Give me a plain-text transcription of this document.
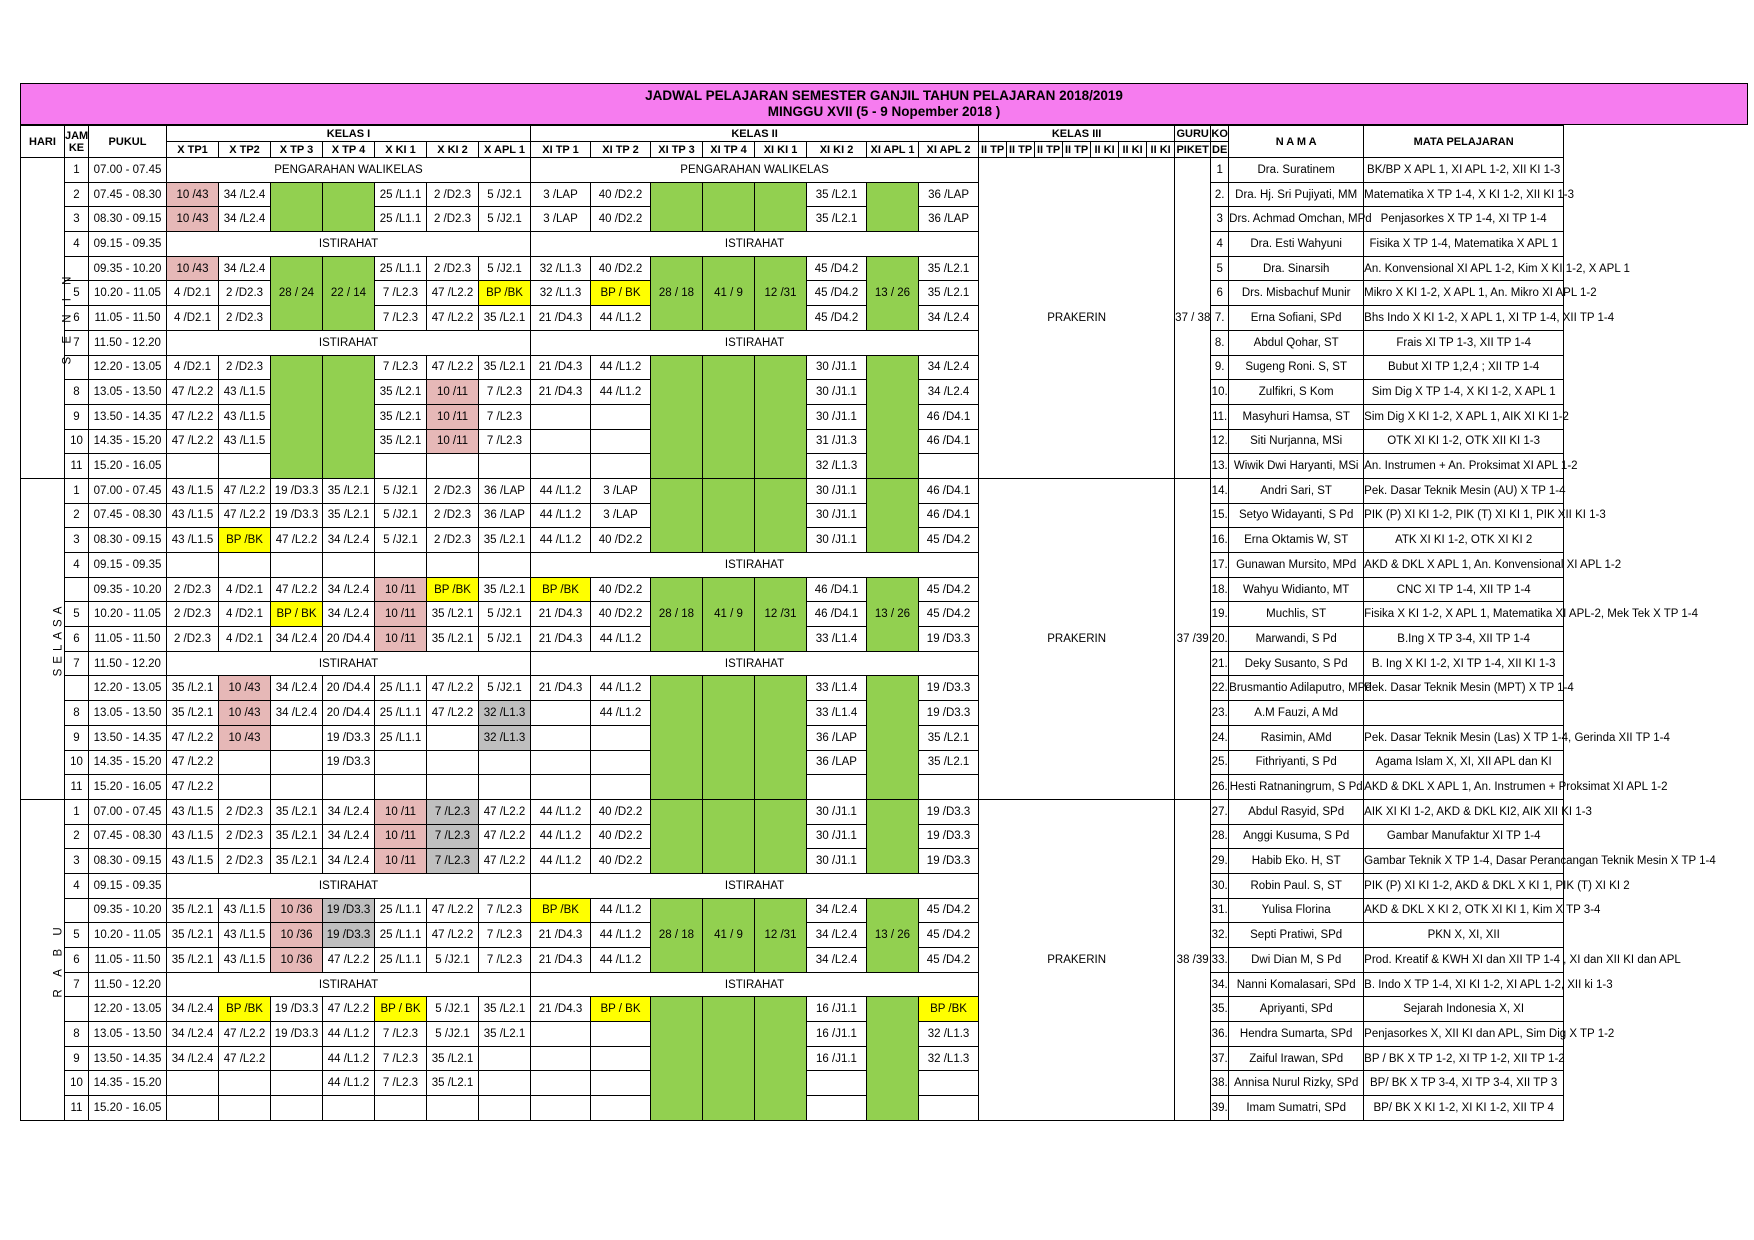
JADWAL PELAJARAN SEMESTER GANJIL TAHUN PELAJARAN 2018/2019
MINGGU XVII (5 - 9 Nopember 2018 )
HARI	JAM
KE	PUKUL	KELAS I							KELAS II								KELAS III							GURU	KO	N A M A	MATA PELAJARAN
			X TP1	X TP2	X TP 3	X TP 4	X KI 1	X KI 2	X APL 1	XI TP 1	XI TP 2	XI TP 3	XI TP 4	XI KI 1	XI KI 2	XI APL 1	XI APL 2	II TP	II TP	II TP	II TP	II KI	II KI	II KI	PIKET	DE		
S E N I N	1	07.00 - 07.45	PENGARAHAN WALIKELAS							PENGARAHAN WALIKELAS								PRAKERIN							37 / 38	1	Dra. Suratinem	BK/BP X APL 1, XI APL 1-2, XII KI 1-3
	2	07.45 - 08.30	10 /43	34 /L2.4			25 /L1.1	2 /D2.3	5 /J2.1	3 /LAP	40 /D2.2				35 /L2.1		36 /LAP									2.	Dra. Hj. Sri Pujiyati, MM	Matematika X TP 1-4, X KI 1-2, XII KI 1-3
	3	08.30 - 09.15	10 /43	34 /L2.4			25 /L1.1	2 /D2.3	5 /J2.1	3 /LAP	40 /D2.2				35 /L2.1		36 /LAP									3	Drs. Achmad Omchan, MPd	Penjasorkes X TP 1-4, XI TP 1-4
	4	09.15 - 09.35	ISTIRAHAT							ISTIRAHAT																4	Dra. Esti Wahyuni	Fisika X TP 1-4, Matematika X APL 1
		09.35 - 10.20	10 /43	34 /L2.4	28 / 24	22 / 14	25 /L1.1	2 /D2.3	5 /J2.1	32 /L1.3	40 /D2.2	28 / 18	41 / 9	12 /31	45 /D4.2	13 / 26	35 /L2.1									5	Dra. Sinarsih	An. Konvensional XI APL 1-2, Kim X KI 1-2, X APL 1
	5	10.20 - 11.05	4 /D2.1	2 /D2.3			7 /L2.3	47 /L2.2	BP /BK	32 /L1.3	BP / BK				45 /D4.2		35 /L2.1									6	Drs. Misbachuf Munir	Mikro X KI 1-2, X APL 1, An. Mikro XI APL 1-2
	6	11.05 - 11.50	4 /D2.1	2 /D2.3			7 /L2.3	47 /L2.2	35 /L2.1	21 /D4.3	44 /L1.2				45 /D4.2		34 /L2.4									7.	Erna Sofiani, SPd	Bhs Indo X KI 1-2, X APL 1, XI TP 1-4, XII TP 1-4
	7	11.50 - 12.20	ISTIRAHAT							ISTIRAHAT																8.	Abdul Qohar, ST	Frais XI TP 1-3, XII TP 1-4
		12.20 - 13.05	4 /D2.1	2 /D2.3			7 /L2.3	47 /L2.2	35 /L2.1	21 /D4.3	44 /L1.2				30 /J1.1		34 /L2.4									9.	Sugeng Roni. S, ST	Bubut XI TP 1,2,4 ; XII TP 1-4
	8	13.05 - 13.50	47 /L2.2	43 /L1.5			35 /L2.1	10 /11	7 /L2.3	21 /D4.3	44 /L1.2				30 /J1.1		34 /L2.4									10.	Zulfikri, S Kom	Sim Dig X TP 1-4, X KI 1-2, X APL 1
	9	13.50 - 14.35	47 /L2.2	43 /L1.5			35 /L2.1	10 /11	7 /L2.3						30 /J1.1		46 /D4.1									11.	Masyhuri Hamsa, ST	Sim Dig X KI 1-2, X APL 1, AIK XI KI 1-2
	10	14.35 - 15.20	47 /L2.2	43 /L1.5			35 /L2.1	10 /11	7 /L2.3						31 /J1.3		46 /D4.1									12.	Siti Nurjanna, MSi	OTK XI KI 1-2, OTK XII KI 1-3
	11	15.20 - 16.05													32 /L1.3											13.	Wiwik Dwi Haryanti, MSi	An. Instrumen + An. Proksimat XI APL 1-2
SELASA	1	07.00 - 07.45	43 /L1.5	47 /L2.2	19 /D3.3	35 /L2.1	5 /J2.1	2 /D2.3	36 /LAP	44 /L1.2	3 /LAP				30 /J1.1		46 /D4.1	PRAKERIN							37 /39	14.	Andri Sari, ST	Pek. Dasar Teknik Mesin (AU) X TP 1-4
	2	07.45 - 08.30	43 /L1.5	47 /L2.2	19 /D3.3	35 /L2.1	5 /J2.1	2 /D2.3	36 /LAP	44 /L1.2	3 /LAP				30 /J1.1		46 /D4.1									15.	Setyo Widayanti, S Pd	PIK (P) XI KI 1-2, PIK (T) XI KI 1, PIK XII KI 1-3
	3	08.30 - 09.15	43 /L1.5	BP /BK	47 /L2.2	34 /L2.4	5 /J2.1	2 /D2.3	35 /L2.1	44 /L1.2	40 /D2.2				30 /J1.1		45 /D4.2									16.	Erna Oktamis W, ST	ATK XI KI 1-2, OTK XI KI 2
	4	09.15 - 09.35								ISTIRAHAT																17.	Gunawan Mursito, MPd	AKD & DKL X APL 1, An. Konvensional XI APL 1-2
		09.35 - 10.20	2 /D2.3	4 /D2.1	47 /L2.2	34 /L2.4	10 /11	BP /BK	35 /L2.1	BP /BK	40 /D2.2	28 / 18	41 / 9	12 /31	46 /D4.1	13 / 26	45 /D4.2									18.	Wahyu Widianto, MT	CNC XI TP 1-4, XII TP 1-4
	5	10.20 - 11.05	2 /D2.3	4 /D2.1	BP / BK	34 /L2.4	10 /11	35 /L2.1	5 /J2.1	21 /D4.3	40 /D2.2				46 /D4.1		45 /D4.2									19.	Muchlis, ST	Fisika X KI 1-2, X APL 1, Matematika XI APL-2, Mek Tek X TP 1-4
	6	11.05 - 11.50	2 /D2.3	4 /D2.1	34 /L2.4	20 /D4.4	10 /11	35 /L2.1	5 /J2.1	21 /D4.3	44 /L1.2				33 /L1.4		19 /D3.3									20.	Marwandi, S Pd	B.Ing X TP 3-4, XII TP 1-4
	7	11.50 - 12.20	ISTIRAHAT							ISTIRAHAT																21.	Deky Susanto, S Pd	B. Ing X KI 1-2, XI TP 1-4, XII KI 1-3
		12.20 - 13.05	35 /L2.1	10 /43	34 /L2.4	20 /D4.4	25 /L1.1	47 /L2.2	5 /J2.1	21 /D4.3	44 /L1.2				33 /L1.4		19 /D3.3									22.	Brusmantio Adilaputro, MPd	Pek. Dasar Teknik Mesin (MPT) X TP 1-4
	8	13.05 - 13.50	35 /L2.1	10 /43	34 /L2.4	20 /D4.4	25 /L1.1	47 /L2.2	32 /L1.3		44 /L1.2				33 /L1.4		19 /D3.3									23.	A.M Fauzi, A Md	
	9	13.50 - 14.35	47 /L2.2	10 /43		19 /D3.3	25 /L1.1		32 /L1.3						36 /LAP		35 /L2.1									24.	Rasimin, AMd	Pek. Dasar Teknik Mesin (Las) X TP 1-4, Gerinda XII TP 1-4
	10	14.35 - 15.20	47 /L2.2			19 /D3.3									36 /LAP		35 /L2.1									25.	Fithriyanti, S Pd	Agama Islam X, XI, XII APL dan KI
	11	15.20 - 16.05	47 /L2.2																							26.	Hesti Ratnaningrum, S Pd	AKD & DKL X APL 1, An. Instrumen + Proksimat XI APL 1-2
R A B U	1	07.00 - 07.45	43 /L1.5	2 /D2.3	35 /L2.1	34 /L2.4	10 /11	7 /L2.3	47 /L2.2	44 /L1.2	40 /D2.2				30 /J1.1		19 /D3.3	PRAKERIN							38 /39	27.	Abdul Rasyid, SPd	AIK XI KI 1-2, AKD & DKL KI2, AIK XII KI 1-3
	2	07.45 - 08.30	43 /L1.5	2 /D2.3	35 /L2.1	34 /L2.4	10 /11	7 /L2.3	47 /L2.2	44 /L1.2	40 /D2.2				30 /J1.1		19 /D3.3									28.	Anggi Kusuma, S Pd	Gambar Manufaktur XI TP 1-4
	3	08.30 - 09.15	43 /L1.5	2 /D2.3	35 /L2.1	34 /L2.4	10 /11	7 /L2.3	47 /L2.2	44 /L1.2	40 /D2.2				30 /J1.1		19 /D3.3									29.	Habib Eko. H, ST	Gambar Teknik X TP 1-4, Dasar Perancangan Teknik Mesin X TP 1-4
	4	09.15 - 09.35	ISTIRAHAT							ISTIRAHAT																30.	Robin Paul. S, ST	PIK (P) XI KI 1-2, AKD & DKL X KI 1, PIK (T) XI KI 2
		09.35 - 10.20	35 /L2.1	43 /L1.5	10 /36	19 /D3.3	25 /L1.1	47 /L2.2	7 /L2.3	BP /BK	44 /L1.2	28 / 18	41 / 9	12 /31	34 /L2.4	13 / 26	45 /D4.2									31.	Yulisa Florina	AKD & DKL X KI 2, OTK XI KI 1, Kim X TP 3-4
	5	10.20 - 11.05	35 /L2.1	43 /L1.5	10 /36	19 /D3.3	25 /L1.1	47 /L2.2	7 /L2.3	21 /D4.3	44 /L1.2				34 /L2.4		45 /D4.2									32.	Septi Pratiwi, SPd	PKN X, XI, XII
	6	11.05 - 11.50	35 /L2.1	43 /L1.5	10 /36	47 /L2.2	25 /L1.1	5 /J2.1	7 /L2.3	21 /D4.3	44 /L1.2				34 /L2.4		45 /D4.2									33.	Dwi Dian M, S Pd	Prod. Kreatif & KWH XI dan XII TP 1-4 , XI dan XII KI dan APL
	7	11.50 - 12.20	ISTIRAHAT							ISTIRAHAT																34.	Nanni Komalasari, SPd	B. Indo X TP 1-4, XI KI 1-2, XI APL 1-2, XII ki 1-3
		12.20 - 13.05	34 /L2.4	BP /BK	19 /D3.3	47 /L2.2	BP / BK	5 /J2.1	35 /L2.1	21 /D4.3	BP / BK				16 /J1.1		BP /BK									35.	Apriyanti, SPd	Sejarah Indonesia X, XI
	8	13.05 - 13.50	34 /L2.4	47 /L2.2	19 /D3.3	44 /L1.2	7 /L2.3	5 /J2.1	35 /L2.1						16 /J1.1		32 /L1.3									36.	Hendra Sumarta, SPd	Penjasorkes X, XII KI dan APL, Sim Dig X TP 1-2
	9	13.50 - 14.35	34 /L2.4	47 /L2.2		44 /L1.2	7 /L2.3	35 /L2.1							16 /J1.1		32 /L1.3									37.	Zaiful Irawan, SPd	BP / BK X TP 1-2, XI TP 1-2, XII TP 1-2
	10	14.35 - 15.20				44 /L1.2	7 /L2.3	35 /L2.1																		38.	Annisa Nurul Rizky, SPd	BP/ BK X TP 3-4, XI TP 3-4, XII TP 3
	11	15.20 - 16.05																								39.	Imam Sumatri, SPd	BP/ BK X KI 1-2, XI KI 1-2, XII TP 4
